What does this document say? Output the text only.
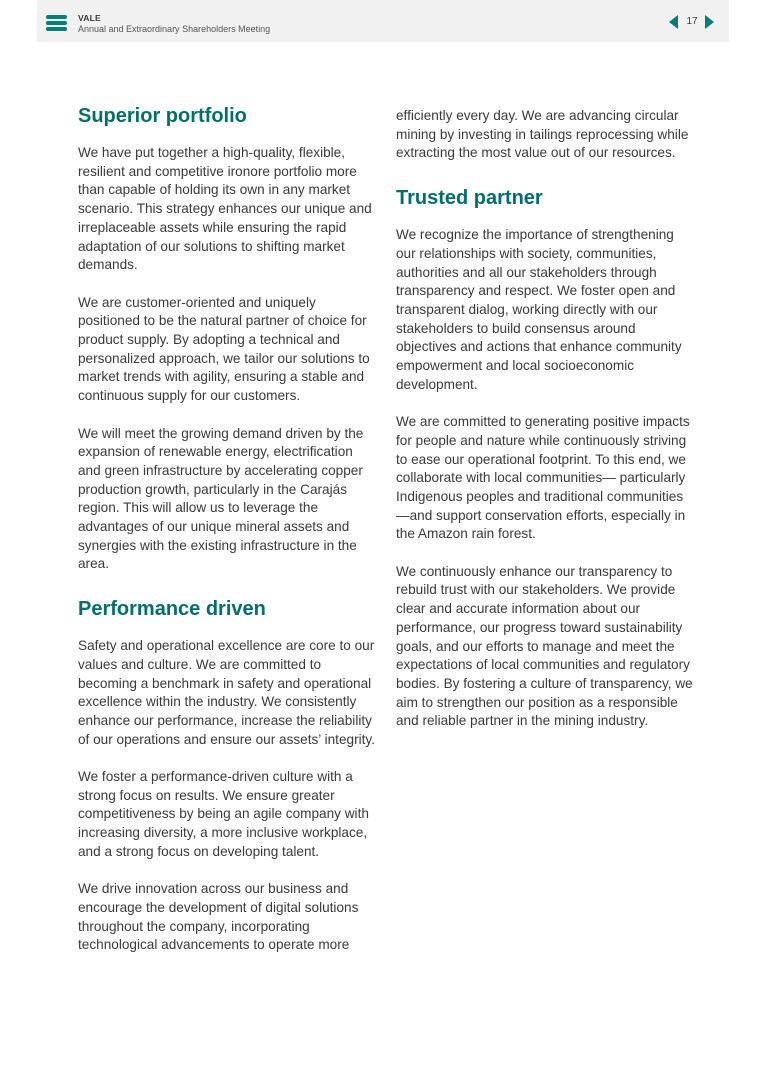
VALE
Annual and Extraordinary Shareholders Meeting
17
Superior portfolio

We have put together a high-quality, flexible, resilient and competitive ironore portfolio more than capable of holding its own in any market scenario. This strategy enhances our unique and irreplaceable assets while ensuring the rapid adaptation of our solutions to shifting market demands.

We are customer-oriented and uniquely positioned to be the natural partner of choice for product supply. By adopting a technical and personalized approach, we tailor our solutions to market trends with agility, ensuring a stable and continuous supply for our customers.

We will meet the growing demand driven by the expansion of renewable energy, electrification and green infrastructure by accelerating copper production growth, particularly in the Carajás region. This will allow us to leverage the advantages of our unique mineral assets and synergies with the existing infrastructure in the area.

Performance driven

Safety and operational excellence are core to our values and culture. We are committed to becoming a benchmark in safety and operational excellence within the industry. We consistently enhance our performance, increase the reliability of our operations and ensure our assets’ integrity.

We foster a performance-driven culture with a strong focus on results. We ensure greater competitiveness by being an agile company with increasing diversity, a more inclusive workplace, and a strong focus on developing talent.

We drive innovation across our business and encourage the development of digital solutions throughout the company, incorporating technological advancements to operate more

efficiently every day. We are advancing circular mining by investing in tailings reprocessing while extracting the most value out of our resources.

Trusted partner

We recognize the importance of strengthening our relationships with society, communities, authorities and all our stakeholders through transparency and respect. We foster open and transparent dialog, working directly with our stakeholders to build consensus around objectives and actions that enhance community empowerment and local socioeconomic development.

We are committed to generating positive impacts for people and nature while continuously striving to ease our operational footprint. To this end, we collaborate with local communities— particularly Indigenous peoples and traditional communities—and support conservation efforts, especially in the Amazon rain forest.

We continuously enhance our transparency to rebuild trust with our stakeholders. We provide clear and accurate information about our performance, our progress toward sustainability goals, and our efforts to manage and meet the expectations of local communities and regulatory bodies. By fostering a culture of transparency, we aim to strengthen our position as a responsible and reliable partner in the mining industry.
